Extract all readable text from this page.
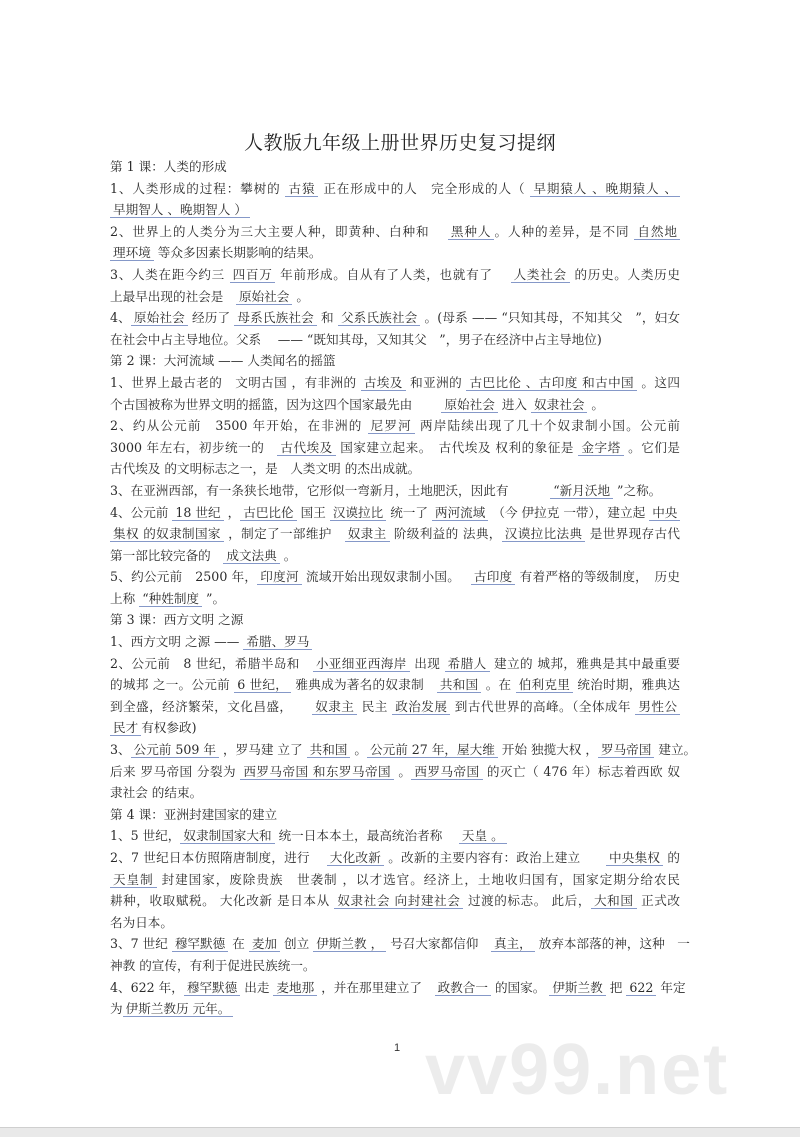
人教版九年级上册世界历史复习提纲
第 1 课：人类的形成
1、人类形成的过程：攀树的 古猿 正在形成中的人　完全形成的人（ 早期猿人 、晚期猿人 、
早期智人 、晚期智人 ）
2、世界上的人类分为三大主要人种，即黄种、白种和　 黑种人 。人种的差异，是不同 自然地
理环境 等众多因素长期影响的结果。
3、人类在距今约三 四百万 年前形成。自从有了人类，也就有了　 人类社会 的历史。人类历史
上最早出现的社会是　原始社会 。
4、 原始社会 经历了 母系氏族社会 和 父系氏族社会 。(母系 —— “只知其母，不知其父　”，妇女
在社会中占主导地位。父系　 —— “既知其母，又知其父　”，男子在经济中占主导地位)
第 2 课：大河流域 —— 人类闻名的摇篮
1、世界上最古老的　文明古国 ，有非洲的 古埃及 和亚洲的 古巴比伦 、古印度 和古中国 。这四
个古国被称为世界文明的摇篮，因为这四个国家最先由　　 原始社会 进入 奴隶社会 。
2、约从公元前　3500 年开始，在非洲的 尼罗河 两岸陆续出现了几十个奴隶制小国。公元前
3000 年左右，初步统一的　古代埃及 国家建立起来。　古代埃及 权利的象征是 金字塔 。它们是
古代埃及 的文明标志之一，是　人类文明 的杰出成就。
3、在亚洲西部，有一条狭长地带，它形似一弯新月，土地肥沃，因此有　　　 “新月沃地 ”之称。
4、公元前 18 世纪 ， 古巴比伦 国王 汉谟拉比 统一了 两河流域 （今 伊拉克 一带），建立起 中央
集权 的奴隶制国家 ，制定了一部维护　奴隶主 阶级利益的 法典， 汉谟拉比法典 是世界现存古代
第一部比较完备的　成文法典 。
5、约公元前　2500 年， 印度河 流域开始出现奴隶制小国。　 古印度 有着严格的等级制度，　历史
上称 “种姓制度 ”。
第 3 课：西方文明 之源
1、西方文明 之源 —— 希腊、罗马
2、公元前　8 世纪，希腊半岛和　小亚细亚西海岸 出现 希腊人 建立的 城邦，雅典是其中最重要
的城邦 之一。公元前 6 世纪， 雅典成为著名的奴隶制　共和国 。在 伯利克里 统治时期，雅典达
到全盛，经济繁荣，文化昌盛，　　奴隶主 民主 政治发展 到古代世界的高峰。（全体成年 男性公
民才 有权参政)
3、 公元前 509 年 ，罗马建 立了 共和国 。 公元前 27 年，屋大维 开始 独揽大权 ， 罗马帝国 建立。
后来 罗马帝国 分裂为 西罗马帝国 和东罗马帝国 。 西罗马帝国 的灭亡（ 476 年）标志着西欧 奴
隶社会 的结束。
第 4 课：亚洲封建国家的建立
1、5 世纪， 奴隶制国家大和 统一日本本土，最高统治者称　 天皇 。
2、7 世纪日本仿照隋唐制度，进行　 大化改新 。改新的主要内容有：政治上建立　　中央集权 的
天皇制 封建国家，废除贵族　世袭制 ，以才选官。经济上，土地收归国有，国家定期分给农民
耕种，收取赋税。 大化改新 是日本从 奴隶社会 向封建社会 过渡的标志。 此后， 大和国 正式改
名为日本。
3、7 世纪 穆罕默德 在 麦加 创立 伊斯兰教 ， 号召大家都信仰　真主， 放弃本部落的神，这种　一
神教 的宣传，有利于促进民族统一。
4、622 年， 穆罕默德 出走 麦地那 ，并在那里建立了　政教合一 的国家。 伊斯兰教 把 622 年定
为 伊斯兰教历 元年。
1 vv99.net
